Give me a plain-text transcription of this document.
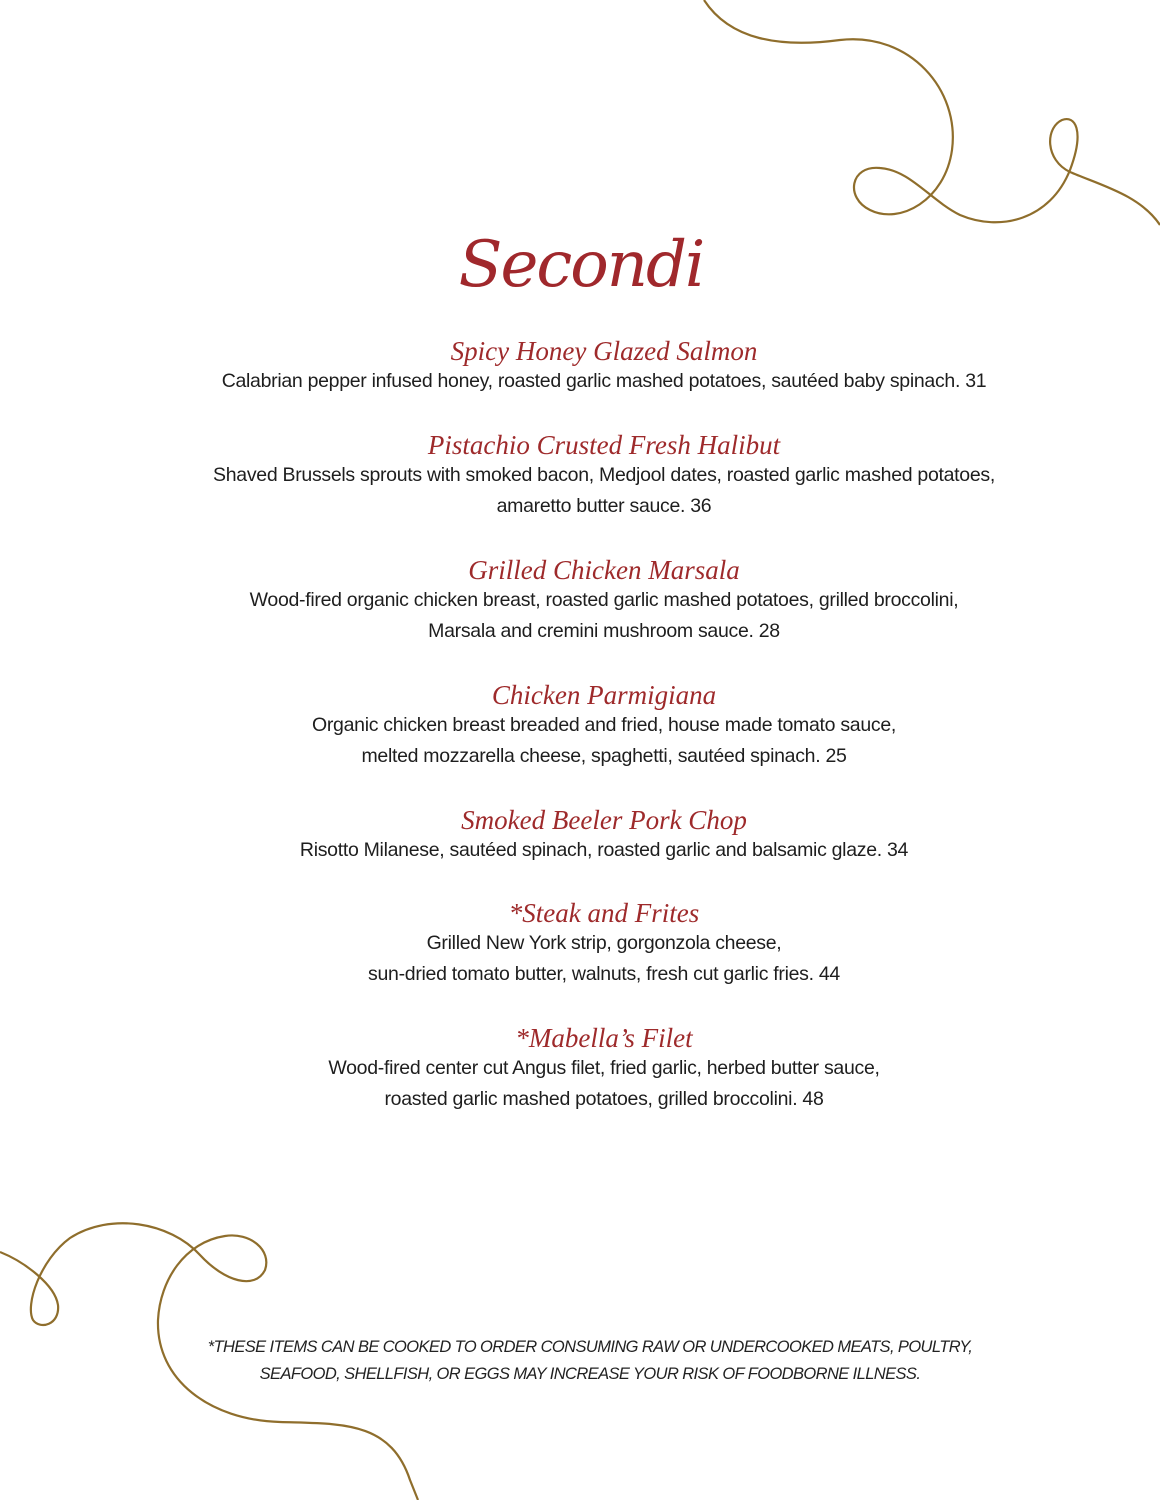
Secondi
Spicy Honey Glazed Salmon
Calabrian pepper infused honey, roasted garlic mashed potatoes, sautéed baby spinach. 31
Pistachio Crusted Fresh Halibut
Shaved Brussels sprouts with smoked bacon, Medjool dates, roasted garlic mashed potatoes,
amaretto butter sauce. 36
Grilled Chicken Marsala
Wood-fired organic chicken breast, roasted garlic mashed potatoes, grilled broccolini,
Marsala and cremini mushroom sauce. 28
Chicken Parmigiana
Organic chicken breast breaded and fried, house made tomato sauce,
melted mozzarella cheese, spaghetti, sautéed spinach. 25
Smoked Beeler Pork Chop
Risotto Milanese, sautéed spinach, roasted garlic and balsamic glaze. 34
*Steak and Frites
Grilled New York strip, gorgonzola cheese,
sun-dried tomato butter, walnuts, fresh cut garlic fries. 44
*Mabella’s Filet
Wood-fired center cut Angus filet, fried garlic, herbed butter sauce,
roasted garlic mashed potatoes, grilled broccolini. 48
*THESE ITEMS CAN BE COOKED TO ORDER CONSUMING RAW OR UNDERCOOKED MEATS, POULTRY,
SEAFOOD, SHELLFISH, OR EGGS MAY INCREASE YOUR RISK OF FOODBORNE ILLNESS.
